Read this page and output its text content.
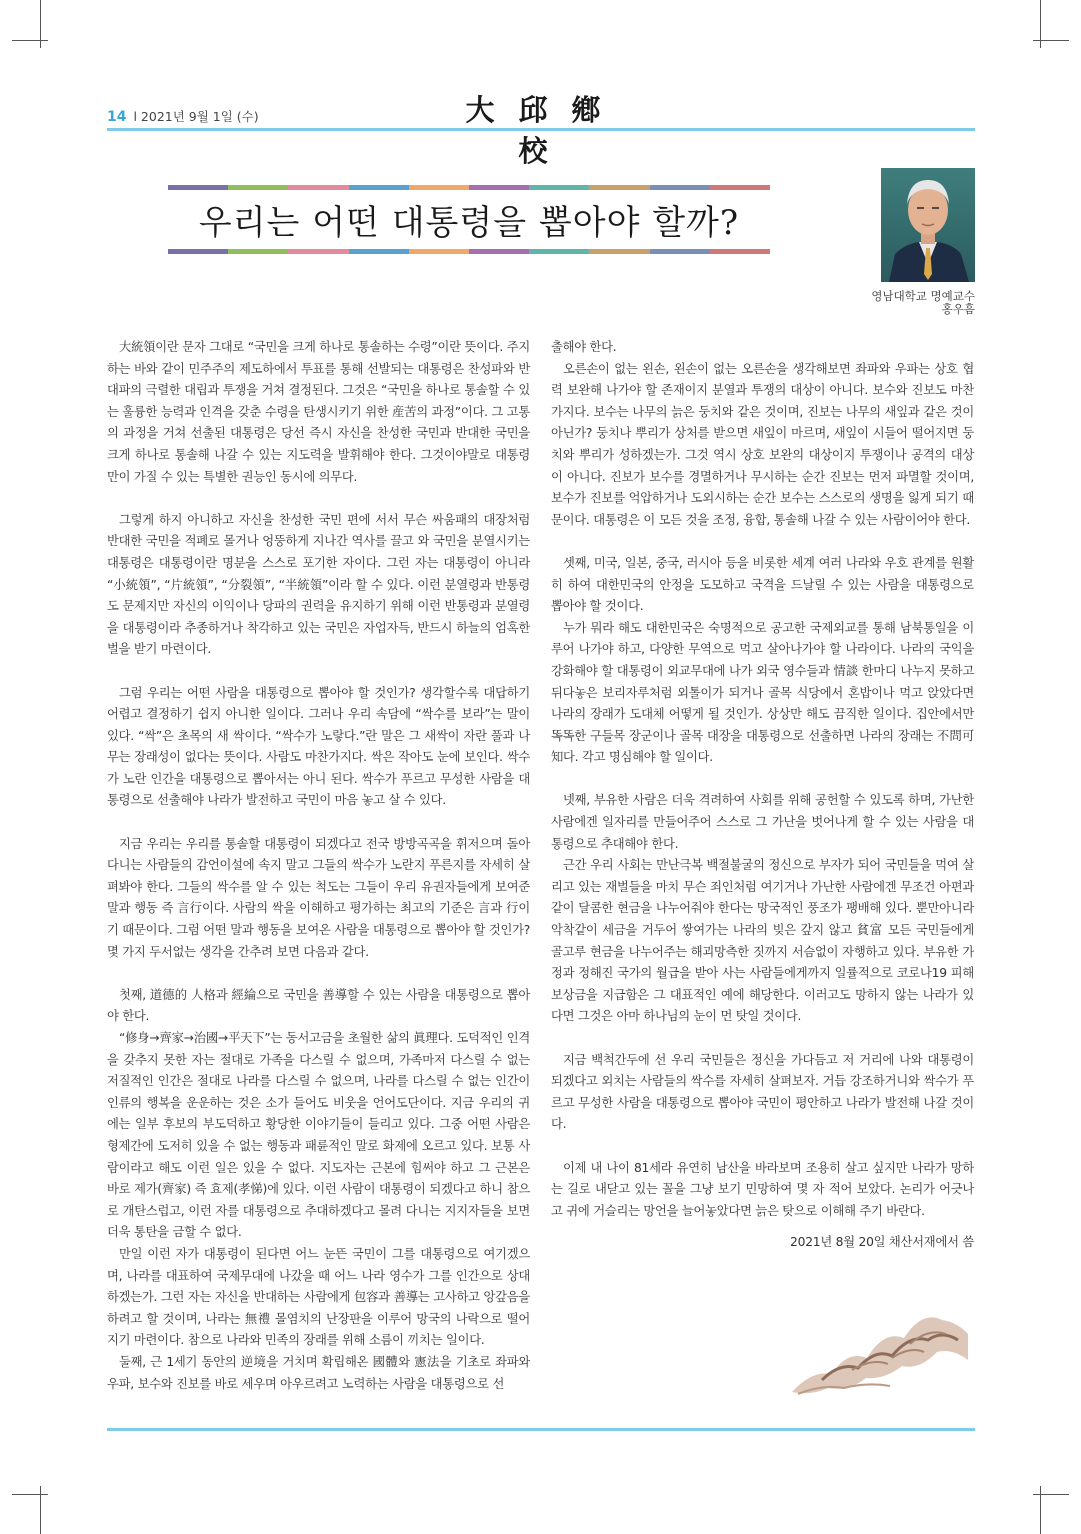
14 l 2021년 9월 1일 (수)	大邱鄕校
우리는 어떤 대통령을 뽑아야 할까?
영남대학교 명예교수
홍우흠

大統領이란 문자 그대로 “국민을 크게 하나로 통솔하는 수령”이란 뜻이다. 주지하는 바와 같이 민주주의 제도하에서 투표를 통해 선발되는 대통령은 찬성파와 반대파의 극렬한 대립과 투쟁을 거쳐 결정된다. 그것은 “국민을 하나로 통솔할 수 있는 훌륭한 능력과 인격을 갖춘 수령을 탄생시키기 위한 産苦의 과정”이다. 그 고통의 과정을 거쳐 선출된 대통령은 당선 즉시 자신을 찬성한 국민과 반대한 국민을 크게 하나로 통솔해 나갈 수 있는 지도력을 발휘해야 한다. 그것이야말로 대통령만이 가질 수 있는 특별한 권능인 동시에 의무다.

그렇게 하지 아니하고 자신을 찬성한 국민 편에 서서 무슨 싸움패의 대장처럼 반대한 국민을 적폐로 몰거나 엉뚱하게 지나간 역사를 끌고 와 국민을 분열시키는 대통령은 대통령이란 명분을 스스로 포기한 자이다. 그런 자는 대통령이 아니라 “小統領”, “片統領”, “分裂領”, “半統領”이라 할 수 있다. 이런 분열령과 반통령도 문제지만 자신의 이익이나 당파의 권력을 유지하기 위해 이런 반통령과 분열령을 대통령이라 추종하거나 착각하고 있는 국민은 자업자득, 반드시 하늘의 엄혹한 벌을 받기 마련이다.

그럼 우리는 어떤 사람을 대통령으로 뽑아야 할 것인가? 생각할수록 대답하기 어렵고 결정하기 쉽지 아니한 일이다. 그러나 우리 속담에 “싹수를 보라”는 말이 있다. “싹”은 초목의 새 싹이다. “싹수가 노랗다.”란 말은 그 새싹이 자란 풀과 나무는 장래성이 없다는 뜻이다. 사람도 마찬가지다. 싹은 작아도 눈에 보인다. 싹수가 노란 인간을 대통령으로 뽑아서는 아니 된다. 싹수가 푸르고 무성한 사람을 대통령으로 선출해야 나라가 발전하고 국민이 마음 놓고 살 수 있다.

지금 우리는 우리를 통솔할 대통령이 되겠다고 전국 방방곡곡을 휘저으며 돌아다니는 사람들의 감언이설에 속지 말고 그들의 싹수가 노란지 푸른지를 자세히 살펴봐야 한다. 그들의 싹수를 알 수 있는 척도는 그들이 우리 유권자들에게 보여준 말과 행동 즉 言行이다. 사람의 싹을 이해하고 평가하는 최고의 기준은 言과 行이기 때문이다. 그럼 어떤 말과 행동을 보여온 사람을 대통령으로 뽑아야 할 것인가? 몇 가지 두서없는 생각을 간추려 보면 다음과 같다.

첫째, 道德的 人格과 經綸으로 국민을 善導할 수 있는 사람을 대통령으로 뽑아야 한다.

“修身→齊家→治國→平天下”는 동서고금을 초월한 삶의 眞理다. 도덕적인 인격을 갖추지 못한 자는 절대로 가족을 다스릴 수 없으며, 가족마저 다스릴 수 없는 저질적인 인간은 절대로 나라를 다스릴 수 없으며, 나라를 다스릴 수 없는 인간이 인류의 행복을 운운하는 것은 소가 들어도 비웃을 언어도단이다. 지금 우리의 귀에는 일부 후보의 부도덕하고 황당한 이야기들이 들리고 있다. 그중 어떤 사람은 형제간에 도저히 있을 수 없는 행동과 패륜적인 말로 화제에 오르고 있다. 보통 사람이라고 해도 이런 일은 있을 수 없다. 지도자는 근본에 힘써야 하고 그 근본은 바로 제가(齊家) 즉 효제(孝悌)에 있다. 이런 사람이 대통령이 되겠다고 하니 참으로 개탄스럽고, 이런 자를 대통령으로 추대하겠다고 몰려 다니는 지지자들을 보면 더욱 통탄을 금할 수 없다.

만일 이런 자가 대통령이 된다면 어느 눈뜬 국민이 그를 대통령으로 여기겠으며, 나라를 대표하여 국제무대에 나갔을 때 어느 나라 영수가 그를 인간으로 상대하겠는가. 그런 자는 자신을 반대하는 사람에게 包容과 善導는 고사하고 앙갚음을 하려고 할 것이며, 나라는 無禮 몰염치의 난장판을 이루어 망국의 나락으로 떨어지기 마련이다. 참으로 나라와 민족의 장래를 위해 소름이 끼치는 일이다.

둘째, 근 1세기 동안의 逆境을 거치며 확립해온 國體와 憲法을 기초로 좌파와 우파, 보수와 진보를 바로 세우며 아우르려고 노력하는 사람을 대통령으로 선

출해야 한다.

오른손이 없는 왼손, 왼손이 없는 오른손을 생각해보면 좌파와 우파는 상호 협력 보완해 나가야 할 존재이지 분열과 투쟁의 대상이 아니다. 보수와 진보도 마찬가지다. 보수는 나무의 늙은 둥치와 같은 것이며, 진보는 나무의 새잎과 같은 것이 아닌가? 둥치나 뿌리가 상처를 받으면 새잎이 마르며, 새잎이 시들어 떨어지면 둥치와 뿌리가 성하겠는가. 그것 역시 상호 보완의 대상이지 투쟁이나 공격의 대상이 아니다. 진보가 보수를 경멸하거나 무시하는 순간 진보는 먼저 파멸할 것이며, 보수가 진보를 억압하거나 도외시하는 순간 보수는 스스로의 생명을 잃게 되기 때문이다. 대통령은 이 모든 것을 조정, 융합, 통솔해 나갈 수 있는 사람이어야 한다.

셋째, 미국, 일본, 중국, 러시아 등을 비롯한 세계 여러 나라와 우호 관계를 원활히 하여 대한민국의 안정을 도모하고 국격을 드날릴 수 있는 사람을 대통령으로 뽑아야 할 것이다.

누가 뭐라 해도 대한민국은 숙명적으로 공고한 국제외교를 통해 남북통일을 이루어 나가야 하고, 다양한 무역으로 먹고 살아나가야 할 나라이다. 나라의 국익을 강화해야 할 대통령이 외교무대에 나가 외국 영수들과 情談 한마디 나누지 못하고 뒤다놓은 보리자루처럼 외톨이가 되거나 골목 식당에서 혼밥이나 먹고 앉았다면 나라의 장래가 도대체 어떻게 될 것인가. 상상만 해도 끔직한 일이다. 집안에서만 똑똑한 구들목 장군이나 골목 대장을 대통령으로 선출하면 나라의 장래는 不問可知다. 각고 명심해야 할 일이다.

넷째, 부유한 사람은 더욱 격려하여 사회를 위해 공헌할 수 있도록 하며, 가난한 사람에겐 일자리를 만들어주어 스스로 그 가난을 벗어나게 할 수 있는 사람을 대통령으로 추대해야 한다.

근간 우리 사회는 만난극복 백절불굴의 정신으로 부자가 되어 국민들을 먹여 살리고 있는 재벌들을 마치 무슨 죄인처럼 여기거나 가난한 사람에겐 무조건 아편과 같이 달콤한 현금을 나누어줘야 한다는 망국적인 풍조가 팽배해 있다. 뿐만아니라 악착같이 세금을 거두어 쌓여가는 나라의 빚은 갚지 않고 貧富 모든 국민들에게 골고루 현금을 나누어주는 해괴망측한 짓까지 서슴없이 자행하고 있다. 부유한 가정과 정해진 국가의 월급을 받아 사는 사람들에게까지 일률적으로 코로나19 피해 보상금을 지급함은 그 대표적인 예에 해당한다. 이러고도 망하지 않는 나라가 있다면 그것은 아마 하나님의 눈이 먼 탓일 것이다.

지금 백척간두에 선 우리 국민들은 정신을 가다듬고 저 거리에 나와 대통령이 되겠다고 외치는 사람들의 싹수를 자세히 살펴보자. 거듭 강조하거니와 싹수가 푸르고 무성한 사람을 대통령으로 뽑아야 국민이 평안하고 나라가 발전해 나갈 것이다.

이제 내 나이 81세라 유연히 남산을 바라보며 조용히 살고 싶지만 나라가 망하는 길로 내닫고 있는 꼴을 그냥 보기 민망하여 몇 자 적어 보았다. 논리가 어긋나고 귀에 거슬리는 망언을 늘어놓았다면 늙은 탓으로 이해해 주기 바란다.

2021년 8월 20일 채산서재에서 씀
